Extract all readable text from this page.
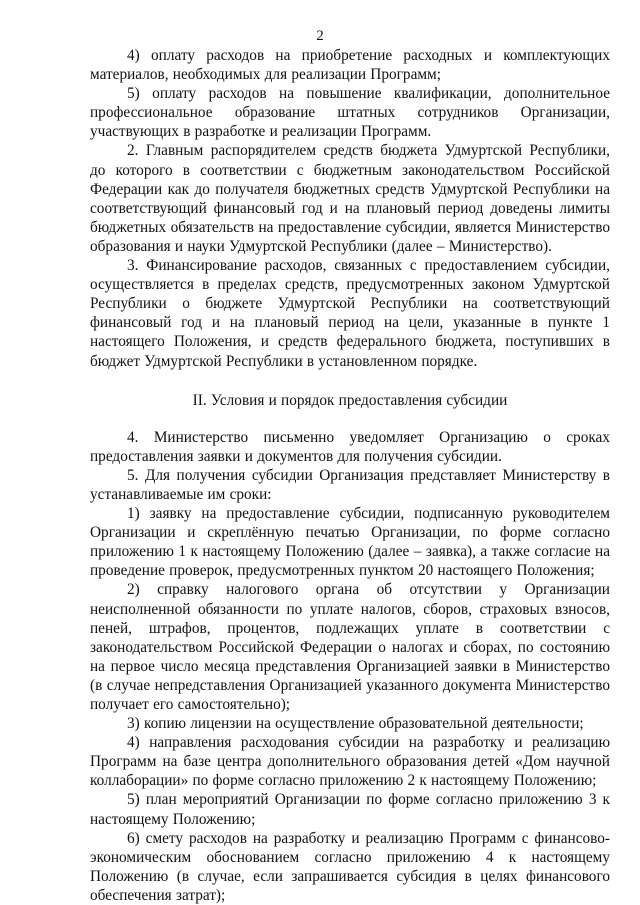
2

4) оплату расходов на приобретение расходных и комплектующих материалов, необходимых для реализации Программ;

5) оплату расходов на повышение квалификации, дополнительное профессиональное образование штатных сотрудников Организации, участвующих в разработке и реализации Программ.

2. Главным распорядителем средств бюджета Удмуртской Республики, до которого в соответствии с бюджетным законодательством Российской Федерации как до получателя бюджетных средств Удмуртской Республики на соответствующий финансовый год и на плановый период доведены лимиты бюджетных обязательств на предоставление субсидии, является Министерство образования и науки Удмуртской Республики (далее – Министерство).

3. Финансирование расходов, связанных с предоставлением субсидии, осуществляется в пределах средств, предусмотренных законом Удмуртской Республики о бюджете Удмуртской Республики на соответствующий финансовый год и на плановый период на цели, указанные в пункте 1 настоящего Положения, и средств федерального бюджета, поступивших в бюджет Удмуртской Республики в установленном порядке.

II. Условия и порядок предоставления субсидии

4. Министерство письменно уведомляет Организацию о сроках предоставления заявки и документов для получения субсидии.

5. Для получения субсидии Организация представляет Министерству в устанавливаемые им сроки:

1) заявку на предоставление субсидии, подписанную руководителем Организации и скреплённую печатью Организации, по форме согласно приложению 1 к настоящему Положению (далее – заявка), а также согласие на проведение проверок, предусмотренных пунктом 20 настоящего Положения;

2) справку налогового органа об отсутствии у Организации неисполненной обязанности по уплате налогов, сборов, страховых взносов, пеней, штрафов, процентов, подлежащих уплате в соответствии с законодательством Российской Федерации о налогах и сборах, по состоянию на первое число месяца представления Организацией заявки в Министерство (в случае непредставления Организацией указанного документа Министерство получает его самостоятельно);

3) копию лицензии на осуществление образовательной деятельности;

4) направления расходования субсидии на разработку и реализацию Программ на базе центра дополнительного образования детей «Дом научной коллаборации» по форме согласно приложению 2 к настоящему Положению;

5) план мероприятий Организации по форме согласно приложению 3 к настоящему Положению;

6) смету расходов на разработку и реализацию Программ с финансово-экономическим обоснованием согласно приложению 4 к настоящему Положению (в случае, если запрашивается субсидия в целях финансового обеспечения затрат);
